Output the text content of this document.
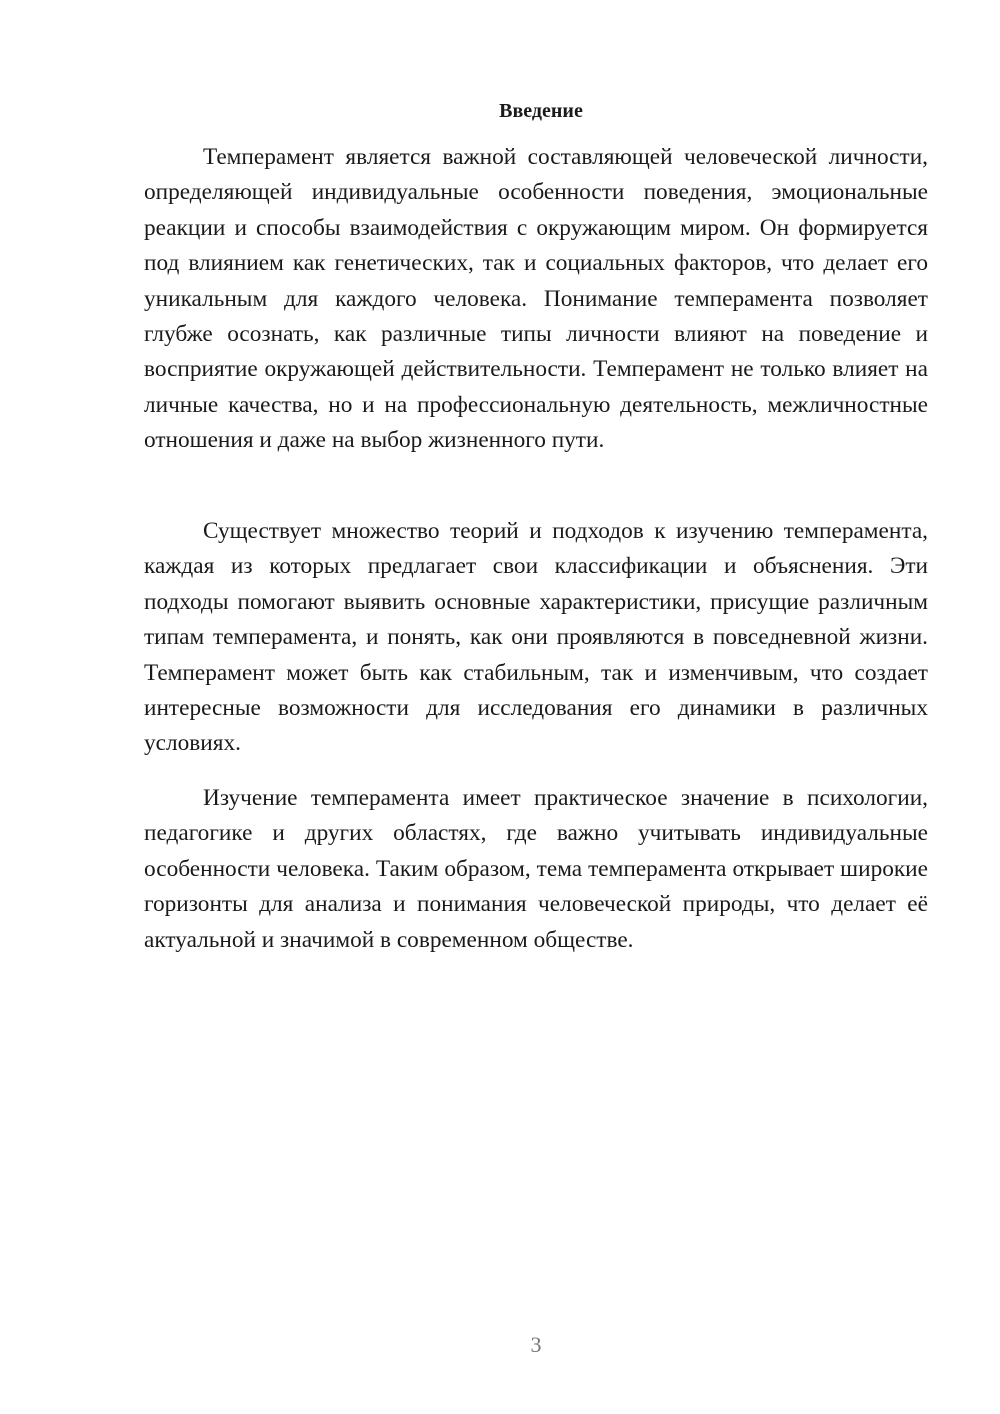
Введение

Темперамент является важной составляющей человеческой личности, определяющей индивидуальные особенности поведения, эмоциональные реакции и способы взаимодействия с окружающим миром. Он формируется под влиянием как генетических, так и социальных факторов, что делает его уникальным для каждого человека. Понимание темперамента позволяет глубже осознать, как различные типы личности влияют на поведение и восприятие окружающей действительности. Темперамент не только влияет на личные качества, но и на профессиональную деятельность, межличностные отношения и даже на выбор жизненного пути.

Существует множество теорий и подходов к изучению темперамента, каждая из которых предлагает свои классификации и объяснения. Эти подходы помогают выявить основные характеристики, присущие различным типам темперамента, и понять, как они проявляются в повседневной жизни. Темперамент может быть как стабильным, так и изменчивым, что создает интересные возможности для исследования его динамики в различных условиях.

Изучение темперамента имеет практическое значение в психологии, педагогике и других областях, где важно учитывать индивидуальные особенности человека. Таким образом, тема темперамента открывает широкие горизонты для анализа и понимания человеческой природы, что делает её актуальной и значимой в современном обществе.

3
